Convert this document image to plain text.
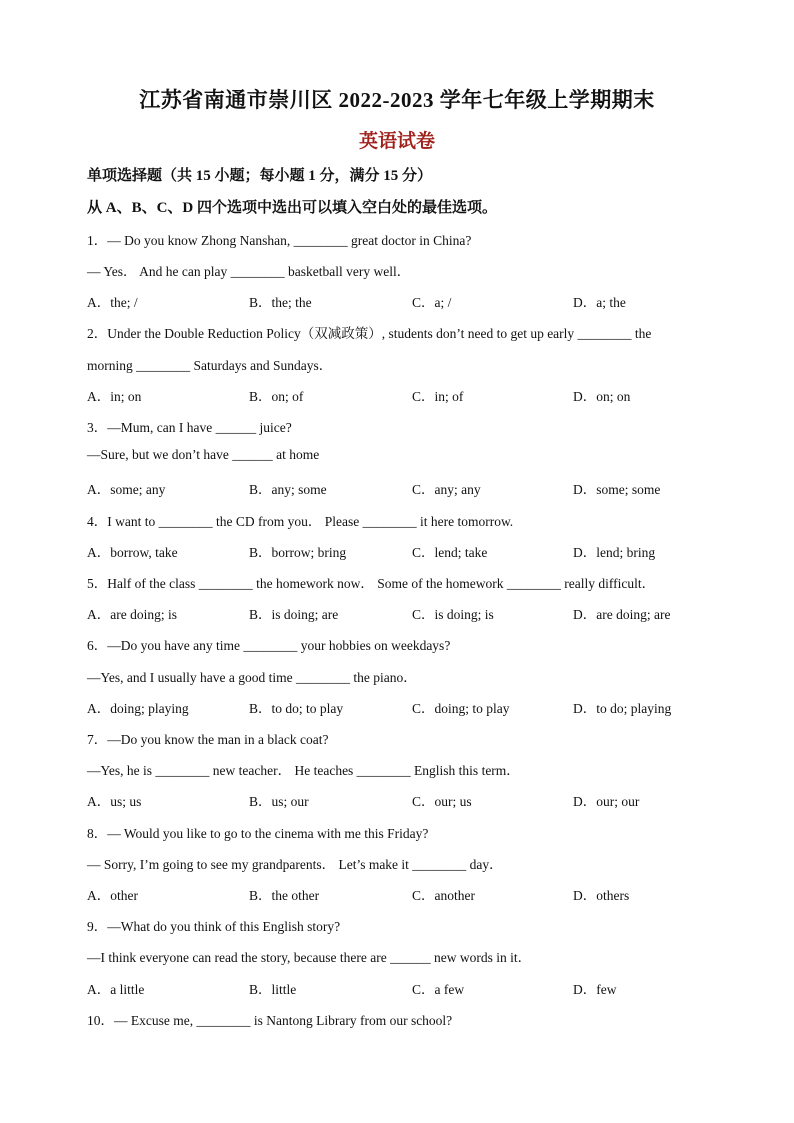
江苏省南通市崇川区 2022-2023 学年七年级上学期期末
英语试卷
单项选择题（共 15 小题；每小题 1 分，满分 15 分）
从 A、B、C、D 四个选项中选出可以填入空白处的最佳选项。
1．— Do you know Zhong Nanshan, ________ great doctor in China?
— Yes． And he can play ________ basketball very well．
A．the; /	B．the; the	C．a; /	D．a; the
2．Under the Double Reduction Policy（双减政策）, students don’t need to get up early ________ the
morning ________ Saturdays and Sundays．
A．in; on	B．on; of	C．in; of	D．on; on
3．—Mum, can I have ______ juice?
—Sure, but we don’t have ______ at home
A．some; any	B．any; some	C．any; any	D．some; some
4．I want to ________ the CD from you． Please ________ it here tomorrow.
A．borrow, take	B．borrow; bring	C．lend; take	D．lend; bring
5．Half of the class ________ the homework now． Some of the homework ________ really difficult．
A．are doing; is	B．is doing; are	C．is doing; is	D．are doing; are
6．—Do you have any time ________ your hobbies on weekdays?
—Yes, and I usually have a good time ________ the piano．
A．doing; playing	B．to do; to play	C．doing; to play	D．to do; playing
7．—Do you know the man in a black coat?
—Yes, he is ________ new teacher． He teaches ________ English this term．
A．us; us	B．us; our	C．our; us	D．our; our
8．— Would you like to go to the cinema with me this Friday?
— Sorry, I’m going to see my grandparents． Let’s make it ________ day．
A．other	B．the other	C．another	D．others
9．—What do you think of this English story?
—I think everyone can read the story, because there are ______ new words in it．
A．a little	B．little	C．a few	D．few
10．— Excuse me, ________ is Nantong Library from our school?
